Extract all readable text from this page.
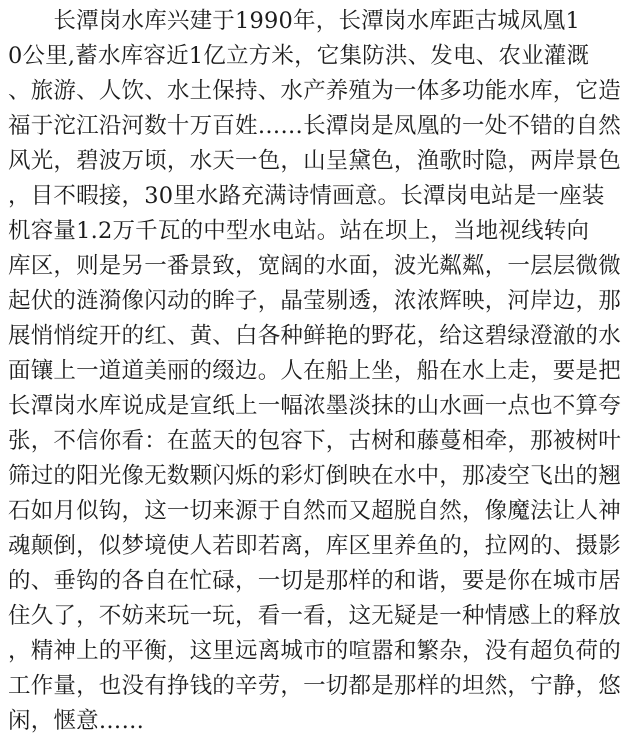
　　长潭岗水库兴建于1990年，长潭岗水库距古城凤凰1
0公里,蓄水库容近1亿立方米，它集防洪、发电、农业灌溉
、旅游、人饮、水土保持、水产养殖为一体多功能水库，它造
福于沱江沿河数十万百姓……长潭岗是凤凰的一处不错的自然
风光，碧波万顷，水天一色，山呈黛色，渔歌时隐，两岸景色
，目不暇接，30里水路充满诗情画意。长潭岗电站是一座装
机容量1.2万千瓦的中型水电站。站在坝上，当地视线转向
库区，则是另一番景致，宽阔的水面，波光粼粼，一层层微微
起伏的涟漪像闪动的眸子，晶莹剔透，浓浓辉映，河岸边，那
展悄悄绽开的红、黄、白各种鲜艳的野花，给这碧绿澄澈的水
面镶上一道道美丽的缀边。人在船上坐，船在水上走，要是把
长潭岗水库说成是宣纸上一幅浓墨淡抹的山水画一点也不算夸
张，不信你看：在蓝天的包容下，古树和藤蔓相牵，那被树叶
筛过的阳光像无数颗闪烁的彩灯倒映在水中，那凌空飞出的翘
石如月似钩，这一切来源于自然而又超脱自然，像魔法让人神
魂颠倒，似梦境使人若即若离，库区里养鱼的，拉网的、摄影
的、垂钩的各自在忙碌，一切是那样的和谐，要是你在城市居
住久了，不妨来玩一玩，看一看，这无疑是一种情感上的释放
，精神上的平衡，这里远离城市的喧嚣和繁杂，没有超负荷的
工作量，也没有挣钱的辛劳，一切都是那样的坦然，宁静，悠
闲，惬意……
